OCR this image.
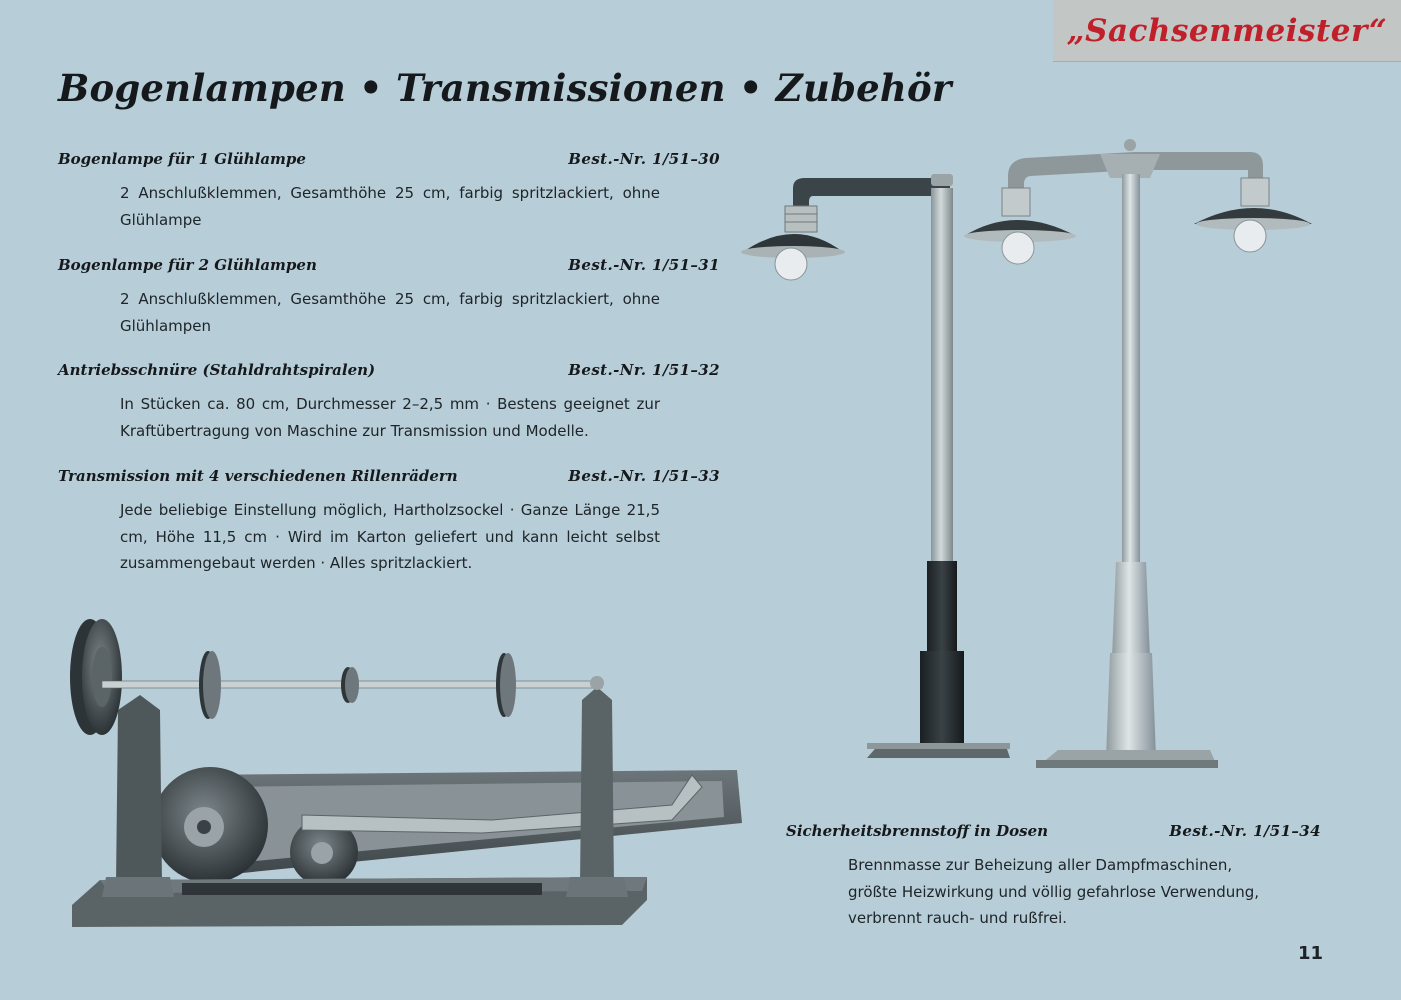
„Sachsenmeister“
Bogenlampen • Transmissionen • Zubehör
Bogenlampe für 1 Glühlampe	Best.-Nr. 1/51–30
2 Anschlußklemmen, Gesamthöhe 25 cm, farbig spritzlackiert, ohne Glühlampe
Bogenlampe für 2 Glühlampen	Best.-Nr. 1/51–31
2 Anschlußklemmen, Gesamthöhe 25 cm, farbig spritzlackiert, ohne Glühlampen
Antriebsschnüre (Stahldrahtspiralen)	Best.-Nr. 1/51–32
In Stücken ca. 80 cm, Durchmesser 2–2,5 mm · Bestens geeignet zur Kraftübertragung von Maschine zur Transmission und Modelle.
Transmission mit 4 verschiedenen Rillenrädern	Best.-Nr. 1/51–33
Jede beliebige Einstellung möglich, Hartholzsockel · Ganze Länge 21,5 cm, Höhe 11,5 cm · Wird im Karton geliefert und kann leicht selbst zusammengebaut werden · Alles spritzlackiert.
Sicherheitsbrennstoff in Dosen	Best.-Nr. 1/51–34
Brennmasse zur Beheizung aller Dampfmaschinen, größte Heizwirkung und völlig gefahrlose Verwendung, verbrennt rauch- und rußfrei.
11
